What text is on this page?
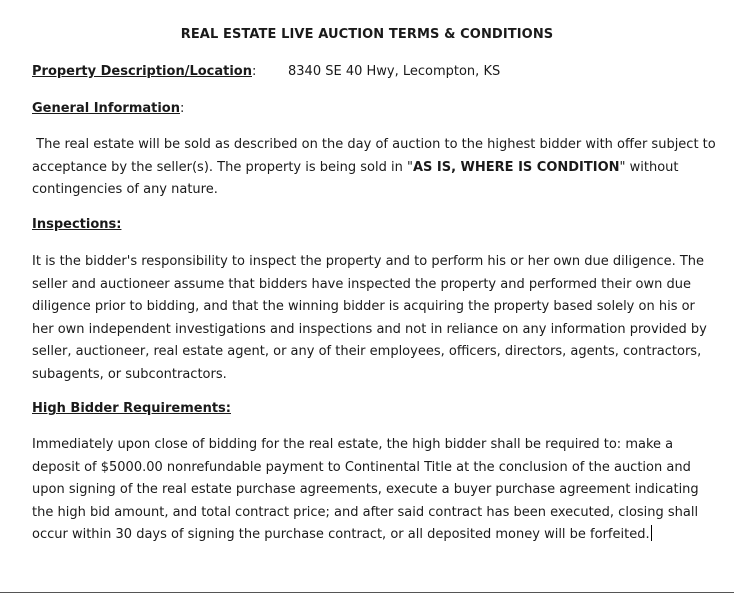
REAL ESTATE LIVE AUCTION TERMS & CONDITIONS
Property Description/Location: 8340 SE 40 Hwy, Lecompton, KS
General Information:
The real estate will be sold as described on the day of auction to the highest bidder with offer subject to
acceptance by the seller(s). The property is being sold in "AS IS, WHERE IS CONDITION" without
contingencies of any nature.
Inspections:
It is the bidder's responsibility to inspect the property and to perform his or her own due diligence. The
seller and auctioneer assume that bidders have inspected the property and performed their own due
diligence prior to bidding, and that the winning bidder is acquiring the property based solely on his or
her own independent investigations and inspections and not in reliance on any information provided by
seller, auctioneer, real estate agent, or any of their employees, officers, directors, agents, contractors,
subagents, or subcontractors.
High Bidder Requirements:
Immediately upon close of bidding for the real estate, the high bidder shall be required to: make a
deposit of $5000.00 nonrefundable payment to Continental Title at the conclusion of the auction and
upon signing of the real estate purchase agreements, execute a buyer purchase agreement indicating
the high bid amount, and total contract price; and after said contract has been executed, closing shall
occur within 30 days of signing the purchase contract, or all deposited money will be forfeited.
